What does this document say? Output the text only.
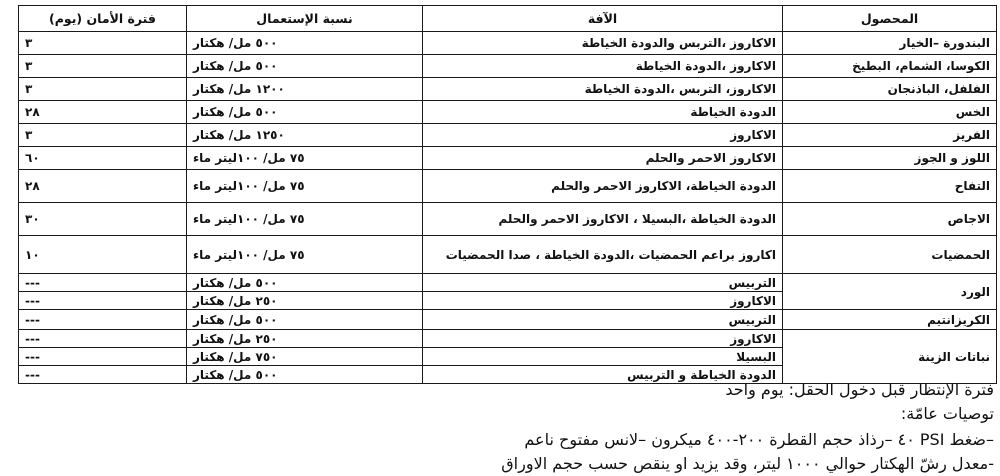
المحصول	الآفة	نسبة الإستعمال	فترة الأمان (يوم)
البندورة –الخيار	الاكاروز ،التربس والدودة الخياطة	٥٠٠ مل/ هكتار	٣
الكوسا، الشمام، البطيخ	الاكاروز ،الدودة الخياطة	٥٠٠ مل/ هكتار	٣
الفلفل، الباذنجان	الاكاروز، التربس ،الدودة الخياطة	١٢٠٠ مل/ هكتار	٣
الخس	الدودة الخياطة	٥٠٠ مل/ هكتار	٢٨
الفريز	الاكاروز	١٢٥٠ مل/ هكتار	٣
اللوز و الجوز	الاكاروز الاحمر والحلم	٧٥ مل/ ١٠٠ليتر ماء	٦٠
التفاح	الدودة الخياطة، الاكاروز الاحمر والحلم	٧٥ مل/ ١٠٠ليتر ماء	٢٨
الاجاص	الدودة الخياطة ،البسيلا ، الاكاروز الاحمر والحلم	٧٥ مل/ ١٠٠ليتر ماء	٣٠
الحمضيات	اكاروز براعم الحمضيات ،الدودة الخياطة ، صدا الحمضيات	٧٥ مل/ ١٠٠ليتر ماء	١٠
الورد	التربيس	٥٠٠ مل/ هكتار	---
	الاكاروز	٢٥٠ مل/ هكتار	---
الكريزانتيم	التربيس	٥٠٠ مل/ هكتار	---
نباتات الزينة	الاكاروز	٢٥٠ مل/ هكتار	---
	البسيلا	٧٥٠ مل/ هكتار	---
	الدودة الخياطة و التربيس	٥٠٠ مل/ هكتار	---
فترة الإنتظار قبل دخول الحقل: يوم واحد
توصيات عامّة:
–ضغط PSI ٤٠ –رذاذ حجم القطرة ٢٠٠-٤٠٠ ميكرون –لانس مفتوح ناعم
-معدل رشّ الهكتار حوالي ١٠٠٠ ليتر، وقد يزيد او ينقص حسب حجم الاوراق
